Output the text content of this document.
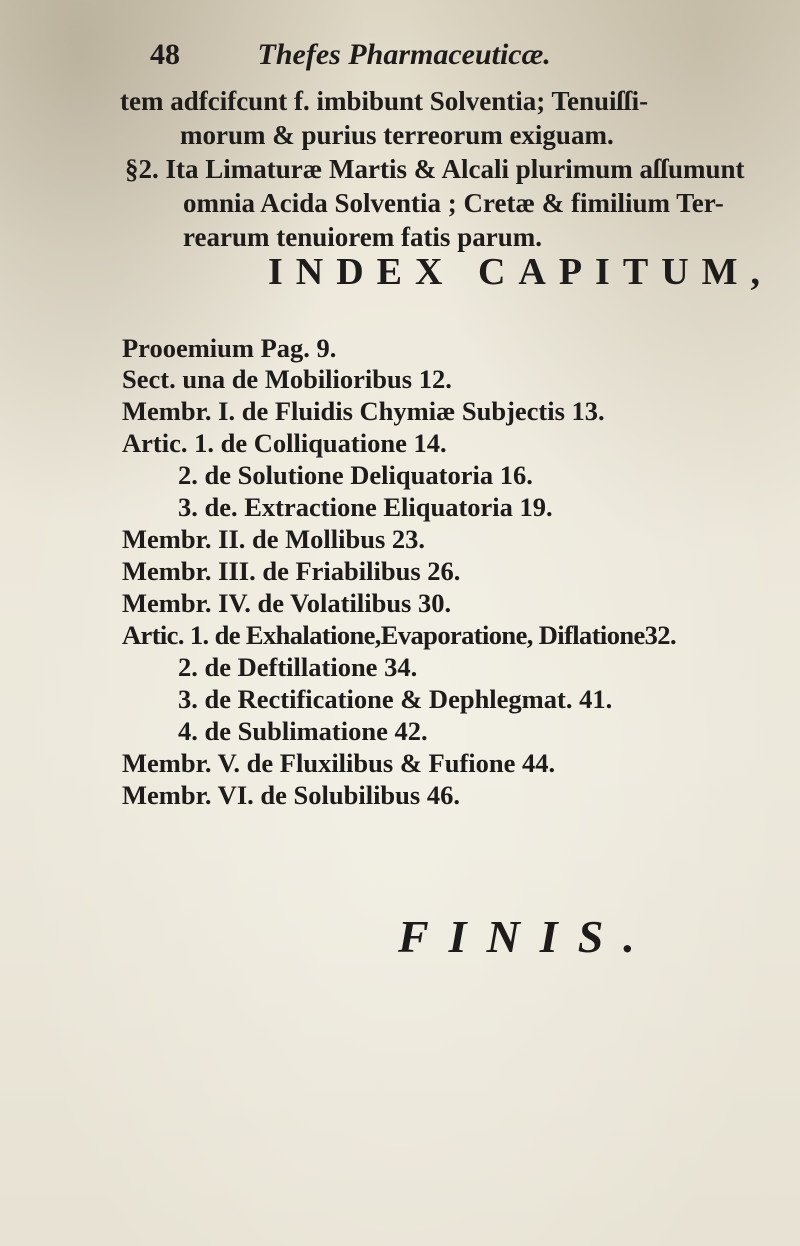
48	Thefes Pharmaceuticæ.
tem adfcifcunt f. imbibunt Solventia; Tenuiſſi-
morum & purius terreorum exiguam.
§2. Ita Limaturæ Martis & Alcali plurimum aſſumunt
omnia Acida Solventia ; Cretæ & fimilium Ter-
rearum tenuiorem fatis parum.
INDEX CAPITUM,
Prooemium Pag. 9.
Sect. una de Mobilioribus 12.
Membr. I. de Fluidis Chymiæ Subjectis 13.
Artic. 1. de Colliquatione 14.
2. de Solutione Deliquatoria 16.
3. de. Extractione Eliquatoria 19.
Membr. II. de Mollibus 23.
Membr. III. de Friabilibus 26.
Membr. IV. de Volatilibus 30.
Artic. 1. de Exhalatione,Evaporatione, Diflatione32.
2. de Deftillatione 34.
3. de Rectificatione & Dephlegmat. 41.
4. de Sublimatione 42.
Membr. V. de Fluxilibus & Fufione 44.
Membr. VI. de Solubilibus 46.
FINIS.
